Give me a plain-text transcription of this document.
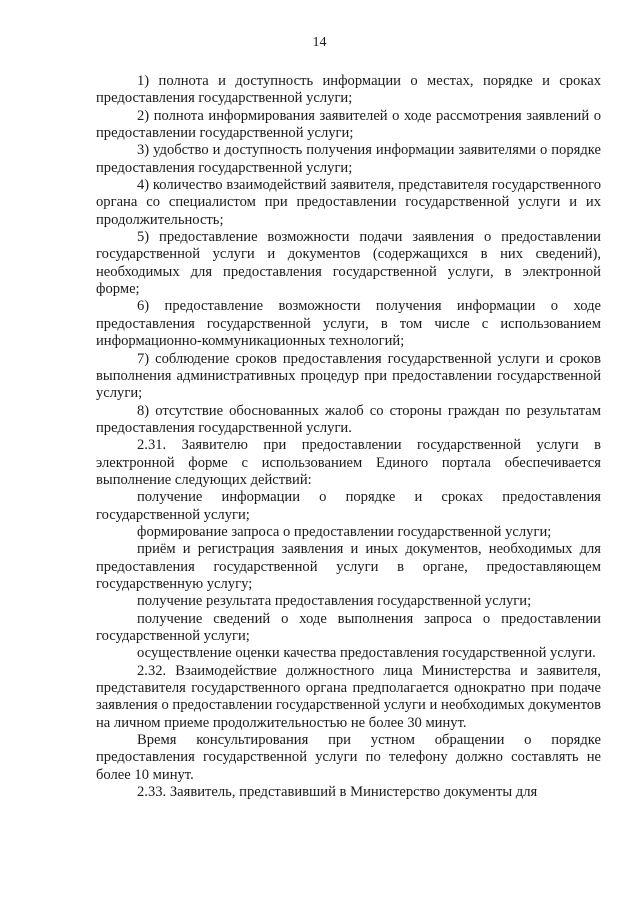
14

1) полнота и доступность информации о местах, порядке и сроках предоставления государственной услуги;

2) полнота информирования заявителей о ходе рассмотрения заявлений о предоставлении государственной услуги;

3) удобство и доступность получения информации заявителями о порядке предоставления государственной услуги;

4) количество взаимодействий заявителя, представителя государственного органа со специалистом при предоставлении государственной услуги и их продолжительность;

5) предоставление возможности подачи заявления о предоставлении государственной услуги и документов (содержащихся в них сведений), необходимых для предоставления государственной услуги, в электронной форме;

6) предоставление возможности получения информации о ходе предоставления государственной услуги, в том числе с использованием информационно-коммуникационных технологий;

7) соблюдение сроков предоставления государственной услуги и сроков выполнения административных процедур при предоставлении государственной услуги;

8) отсутствие обоснованных жалоб со стороны граждан по результатам предоставления государственной услуги.

2.31. Заявителю при предоставлении государственной услуги в электронной форме с использованием Единого портала обеспечивается выполнение следующих действий:

получение информации о порядке и сроках предоставления государственной услуги;

формирование запроса о предоставлении государственной услуги;

приём и регистрация заявления и иных документов, необходимых для предоставления государственной услуги в органе, предоставляющем государственную услугу;

получение результата предоставления государственной услуги;

получение сведений о ходе выполнения запроса о предоставлении государственной услуги;

осуществление оценки качества предоставления государственной услуги.

2.32. Взаимодействие должностного лица Министерства и заявителя, представителя государственного органа предполагается однократно при подаче заявления о предоставлении государственной услуги и необходимых документов на личном приеме продолжительностью не более 30 минут.

Время консультирования при устном обращении о порядке предоставления государственной услуги по телефону должно составлять не более 10 минут.

2.33. Заявитель, представивший в Министерство документы для
